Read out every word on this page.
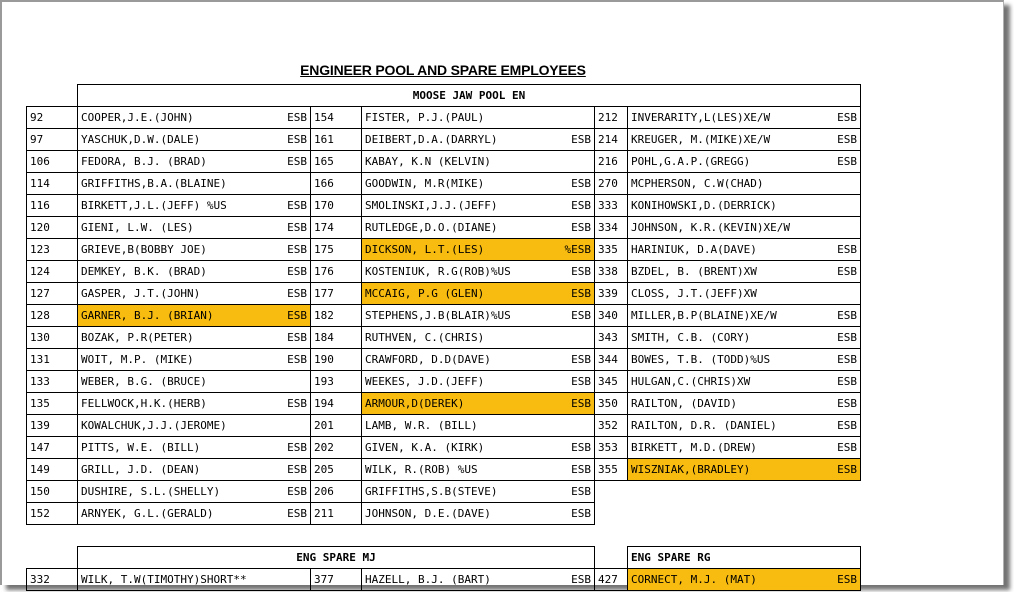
ENGINEER POOL AND SPARE EMPLOYEES
	MOOSE JAW POOL EN				
92	COOPER,J.E.(JOHN) ESB	154	FISTER, P.J.(PAUL)	212	INVERARITY,L(LES)XE/W ESB

97	YASCHUK,D.W.(DALE) ESB	161	DEIBERT,D.A.(DARRYL) ESB	214	KREUGER, M.(MIKE)XE/W ESB

106	FEDORA, B.J. (BRAD) ESB	165	KABAY, K.N (KELVIN)	216	POHL,G.A.P.(GREGG) ESB

114	GRIFFITHS,B.A.(BLAINE)	166	GOODWIN, M.R(MIKE) ESB	270	MCPHERSON, C.W(CHAD)

116	BIRKETT,J.L.(JEFF) %US ESB	170	SMOLINSKI,J.J.(JEFF) ESB	333	KONIHOWSKI,D.(DERRICK)

120	GIENI, L.W. (LES) ESB	174	RUTLEDGE,D.O.(DIANE) ESB	334	JOHNSON, K.R.(KEVIN)XE/W

123	GRIEVE,B(BOBBY JOE) ESB	175	DICKSON, L.T.(LES) %ESB	335	HARINIUK, D.A(DAVE) ESB

124	DEMKEY, B.K. (BRAD) ESB	176	KOSTENIUK, R.G(ROB)%US ESB	338	BZDEL, B. (BRENT)XW ESB

127	GASPER, J.T.(JOHN) ESB	177	MCCAIG, P.G (GLEN) ESB	339	CLOSS, J.T.(JEFF)XW

128	GARNER, B.J. (BRIAN) ESB	182	STEPHENS,J.B(BLAIR)%US ESB	340	MILLER,B.P(BLAINE)XE/W ESB

130	BOZAK, P.R(PETER) ESB	184	RUTHVEN, C.(CHRIS)	343	SMITH, C.B. (CORY) ESB

131	WOIT, M.P. (MIKE) ESB	190	CRAWFORD, D.D(DAVE) ESB	344	BOWES, T.B. (TODD)%US ESB

133	WEBER, B.G. (BRUCE)	193	WEEKES, J.D.(JEFF) ESB	345	HULGAN,C.(CHRIS)XW ESB

135	FELLWOCK,H.K.(HERB) ESB	194	ARMOUR,D(DEREK) ESB	350	RAILTON, (DAVID) ESB

139	KOWALCHUK,J.J.(JEROME)	201	LAMB, W.R. (BILL)	352	RAILTON, D.R. (DANIEL) ESB

147	PITTS, W.E. (BILL) ESB	202	GIVEN, K.A. (KIRK) ESB	353	BIRKETT, M.D.(DREW) ESB

149	GRILL, J.D. (DEAN) ESB	205	WILK, R.(ROB) %US ESB	355	WISZNIAK,(BRADLEY) ESB

150	DUSHIRE, S.L.(SHELLY) ESB	206	GRIFFITHS,S.B(STEVE) ESB		

152	ARNYEK, G.L.(GERALD) ESB	211	JOHNSON, D.E.(DAVE) ESB		

	ENG SPARE MJ				ENG SPARE RG
332	WILK, T.W(TIMOTHY)SHORT**	377	HAZELL, B.J. (BART) ESB	427	CORNECT, M.J. (MAT) ESB
